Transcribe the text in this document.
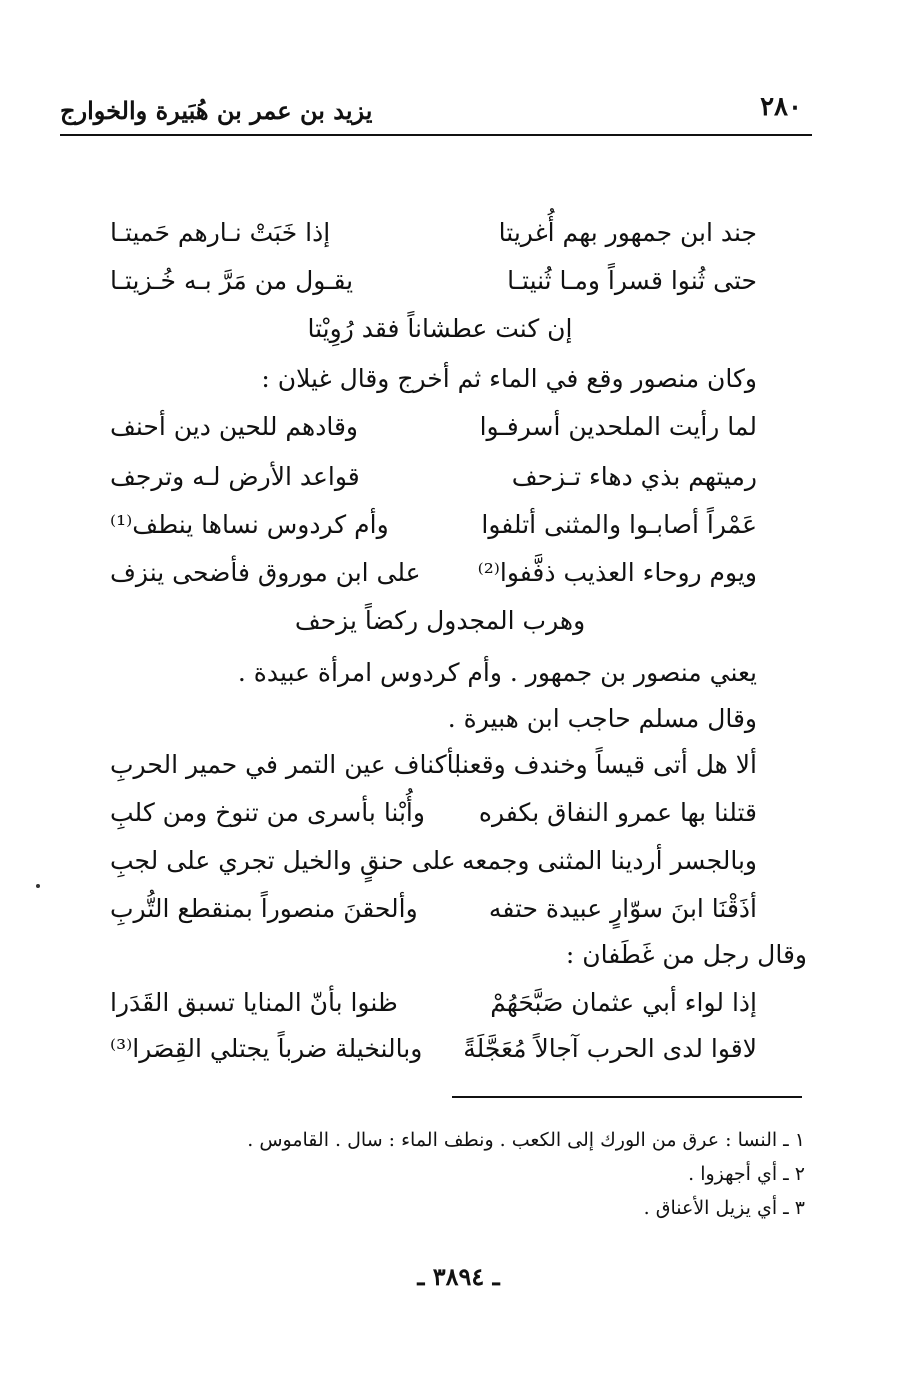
٢٨٠
يزيد بن عمر بن هُبَيرة والخوارج
جند ابن جمهور بهم أُغريتا
إذا خَبَتْ نـارهم حَميتـا
حتى ثُنوا قسراً ومـا ثُنيتـا
يقـول من مَرَّ بـه خُـزيتـا
إن كنت عطشاناً فقد رُوِيْتا
وكان منصور وقع في الماء ثم أخرج وقال غيلان :
لما رأيت الملحدين أسرفـوا
وقادهم للحين دين أحنف
رميتهم بذي دهاء تـزحف
قواعد الأرض لـه وترجف
عَمْراً أصابـوا والمثنى أتلفوا
وأم كردوس نساها ينطف⁽¹⁾
ويوم روحاء العذيب ذفَّفوا⁽²⁾
على ابن موروق فأضحى ينزف
وهرب المجدول ركضاً يزحف
يعني منصور بن جمهور . وأم كردوس امرأة عبيدة .
وقال مسلم حاجب ابن هبيرة .
ألا هل أتى قيساً وخندف وقعنا
بأكناف عين التمر في حمير الحربِ
قتلنا بها عمرو النفاق بكفره
وأُبْنا بأسرى من تنوخ ومن كلبِ
وبالجسر أردينا المثنى وجمعه
على حنقٍ والخيل تجري على لجبِ
أذَقْنَا ابنَ سوّارٍ عبيدة حتفه
وألحقنَ منصوراً بمنقطع التُّربِ
وقال رجل من غَطَفان :
إذا لواء أبي عثمان صَبَّحَهُمْ
ظنوا بأنّ المنايا تسبق القَدَرا
لاقوا لدى الحرب آجالاً مُعَجَّلَةً
وبالنخيلة ضرباً يجتلي القِصَرا⁽³⁾
١ ـ النسا : عرق من الورك إلى الكعب . ونطف الماء : سال . القاموس .
٢ ـ أي أجهزوا .
٣ ـ أي يزيل الأعناق .
ـ ٣٨٩٤ ـ
